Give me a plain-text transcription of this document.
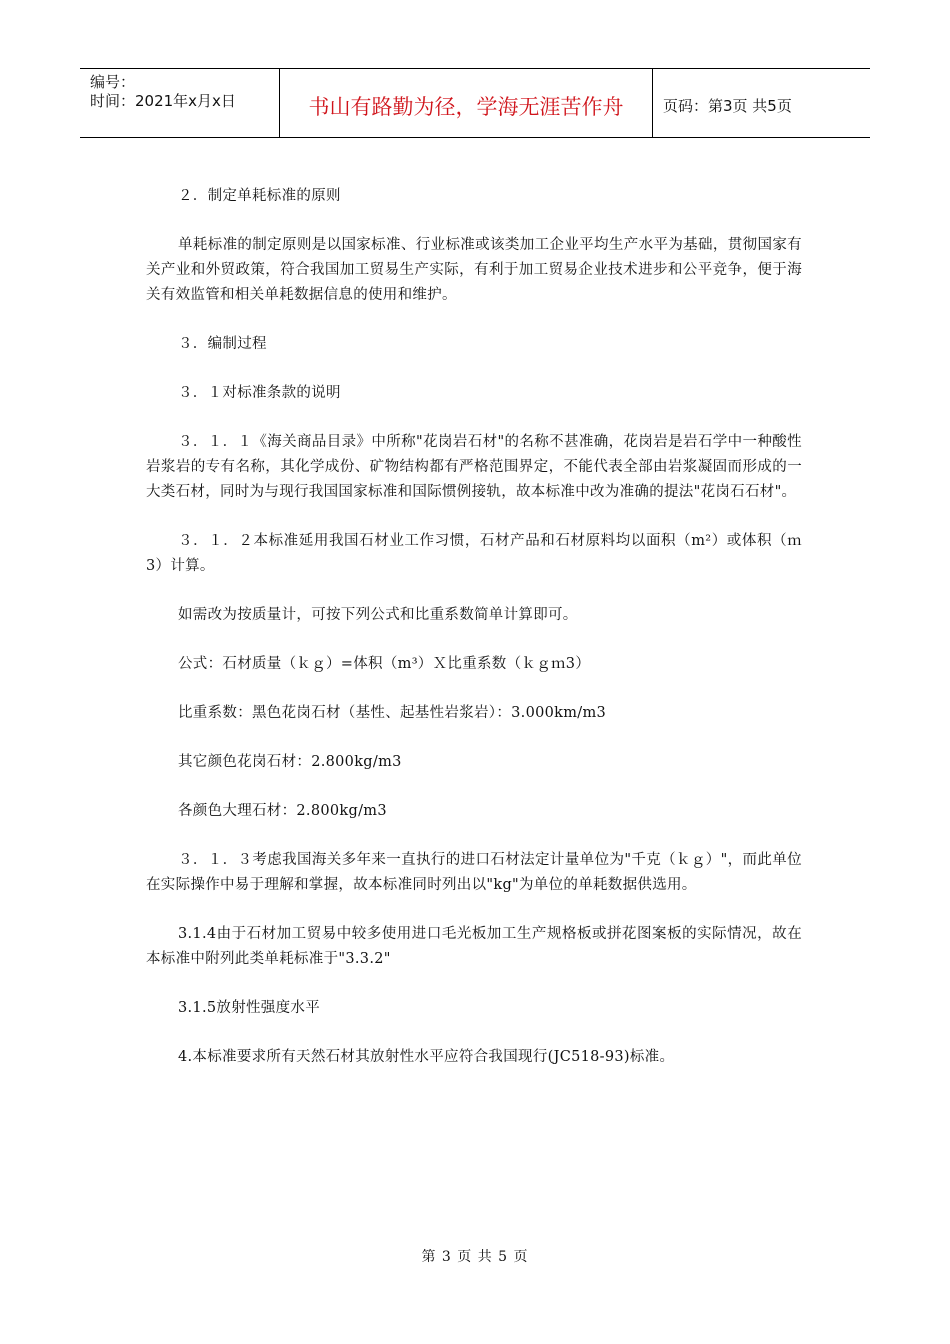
编号：
时间：2021年x月x日	书山有路勤为径，学海无涯苦作舟	页码：第3页 共5页

２．制定单耗标准的原则

单耗标准的制定原则是以国家标准、行业标准或该类加工企业平均生产水平为基础，贯彻国家有关产业和外贸政策，符合我国加工贸易生产实际，有利于加工贸易企业技术进步和公平竞争，便于海关有效监管和相关单耗数据信息的使用和维护。

３．编制过程

３．１对标准条款的说明

３．１．１《海关商品目录》中所称"花岗岩石材"的名称不甚准确，花岗岩是岩石学中一种酸性岩浆岩的专有名称，其化学成份、矿物结构都有严格范围界定，不能代表全部由岩浆凝固而形成的一大类石材，同时为与现行我国国家标准和国际惯例接轨，故本标准中改为准确的提法"花岗石石材"。

３．１．２本标准延用我国石材业工作习惯，石材产品和石材原料均以面积（m²）或体积（ｍ3）计算。

如需改为按质量计，可按下列公式和比重系数简单计算即可。

公式：石材质量（ｋｇ）=体积（m³）Ｘ比重系数（ｋｇｍ3）

比重系数：黑色花岗石材（基性、起基性岩浆岩）：3.000km/m3

其它颜色花岗石材：2.800kg/m3

各颜色大理石材：2.800kg/m3

３．１．３考虑我国海关多年来一直执行的进口石材法定计量单位为"千克（ｋｇ）"，而此单位在实际操作中易于理解和掌握，故本标准同时列出以"kg"为单位的单耗数据供选用。

3.1.4由于石材加工贸易中较多使用进口毛光板加工生产规格板或拼花图案板的实际情况，故在本标准中附列此类单耗标准于"3.3.2"

3.1.5放射性强度水平

4.本标准要求所有天然石材其放射性水平应符合我国现行(JC518-93)标准。

第 3 页 共 5 页
